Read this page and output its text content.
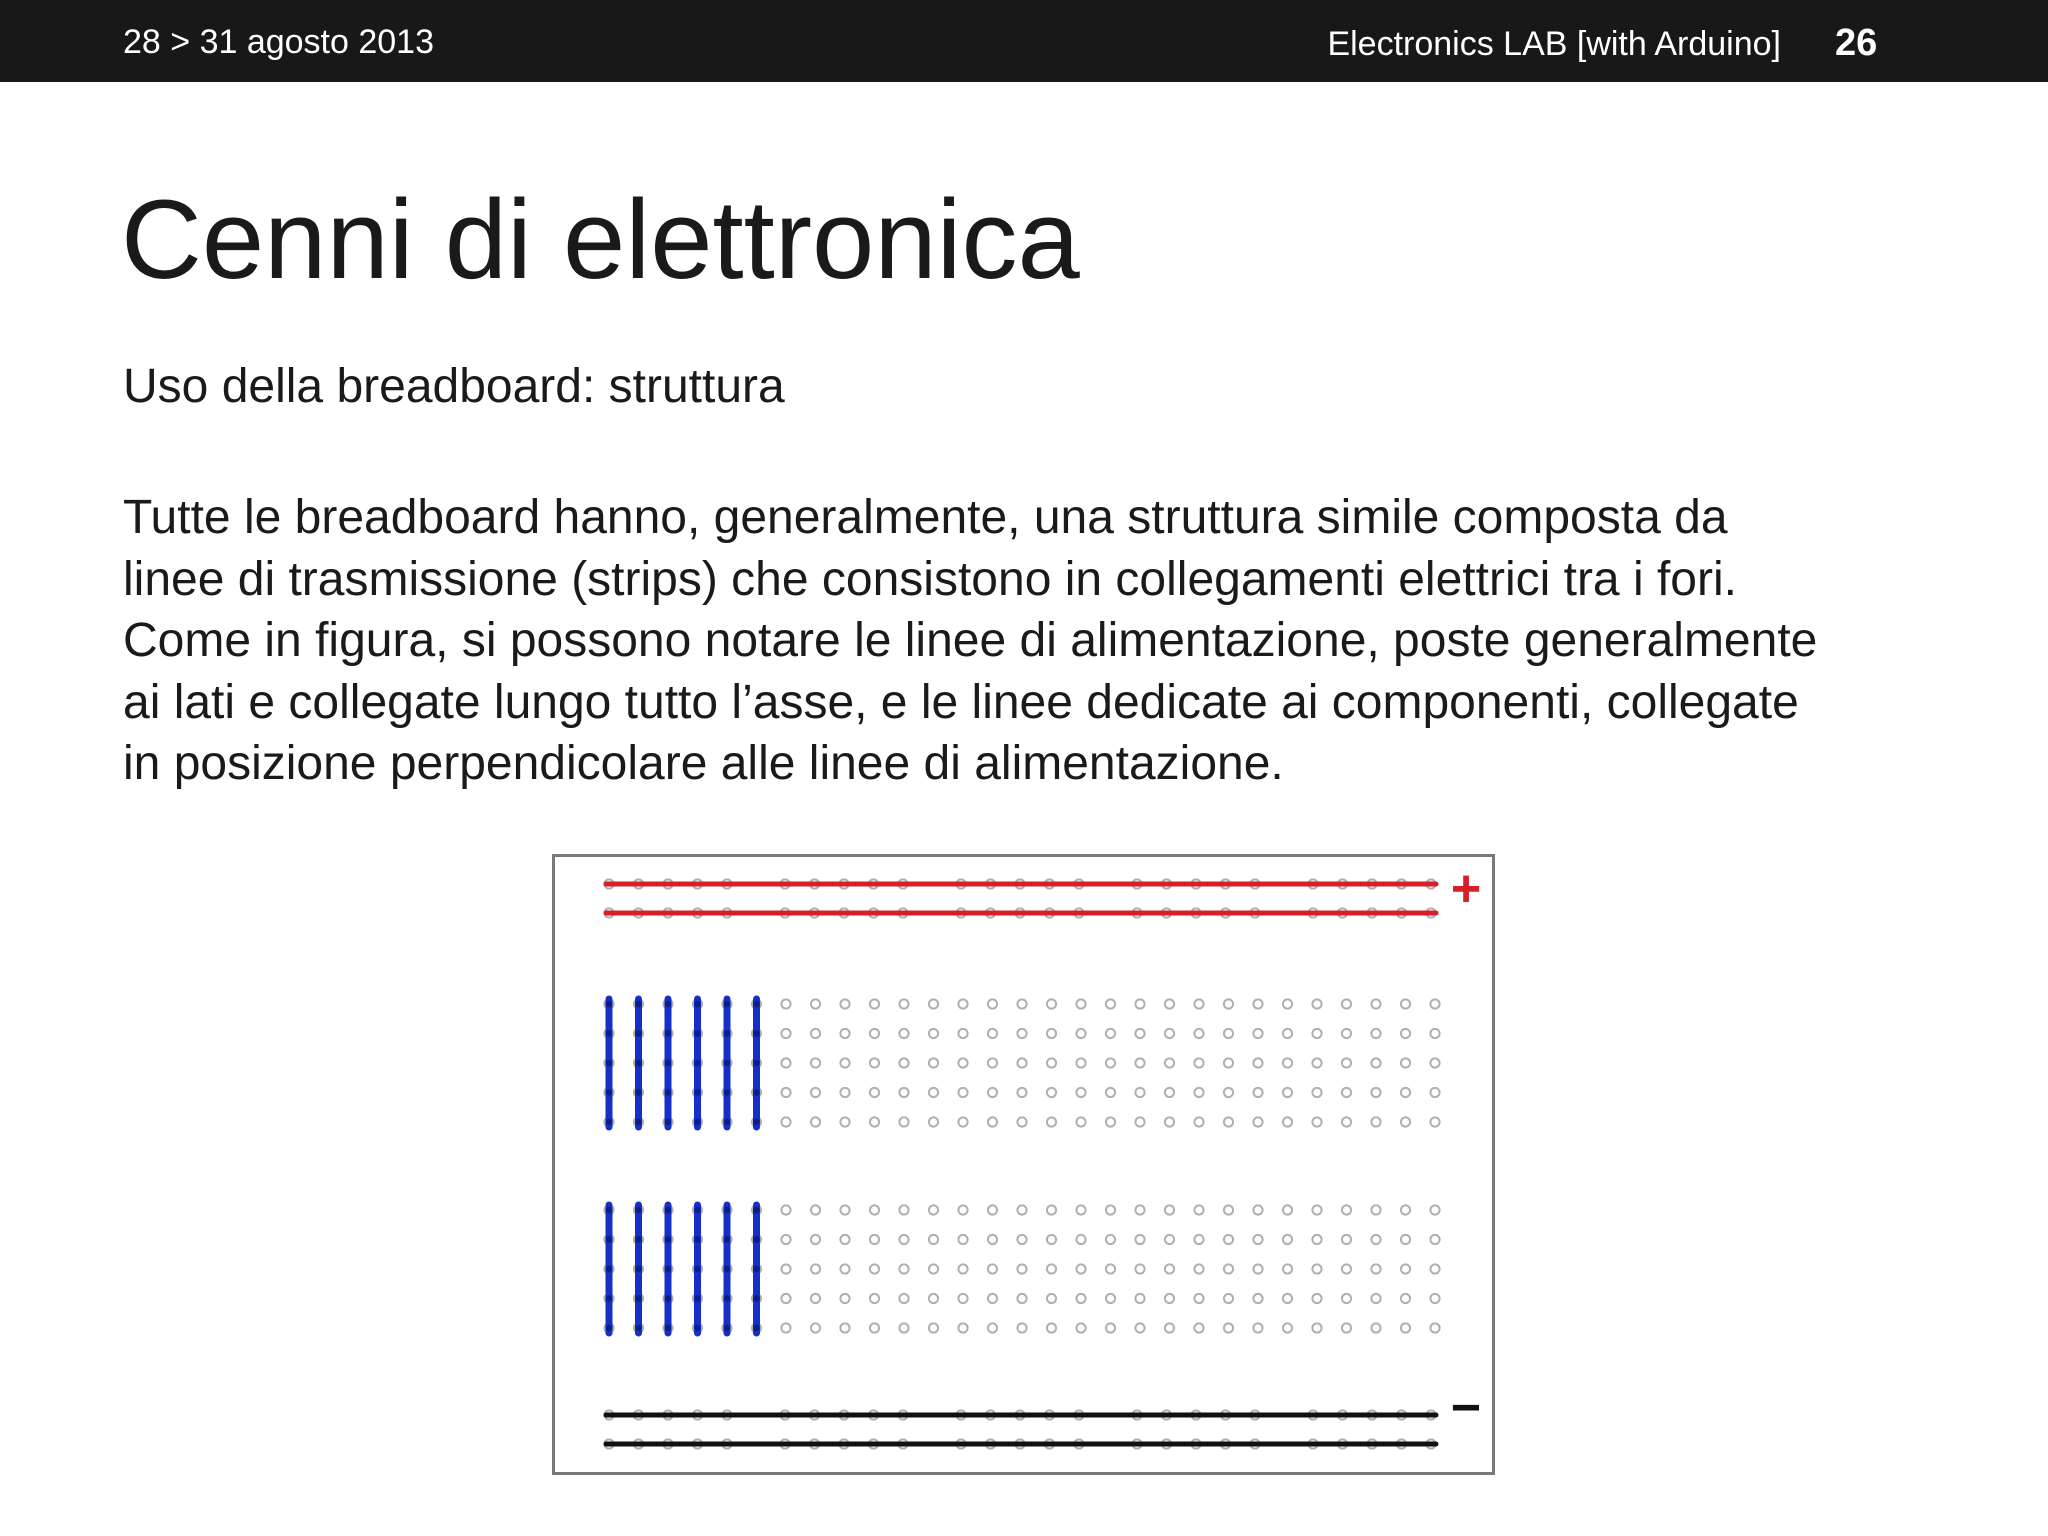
28 > 31 agosto 2013	Electronics LAB [with Arduino] 26
Cenni di elettronica
Uso della breadboard: struttura
Tutte le breadboard hanno, generalmente, una struttura simile composta da
linee di trasmissione (strips) che consistono in collegamenti elettrici tra i fori.
Come in figura, si possono notare le linee di alimentazione, poste generalmente
ai lati e collegate lungo tutto l’asse, e le linee dedicate ai componenti, collegate
in posizione perpendicolare alle linee di alimentazione.
+
−
